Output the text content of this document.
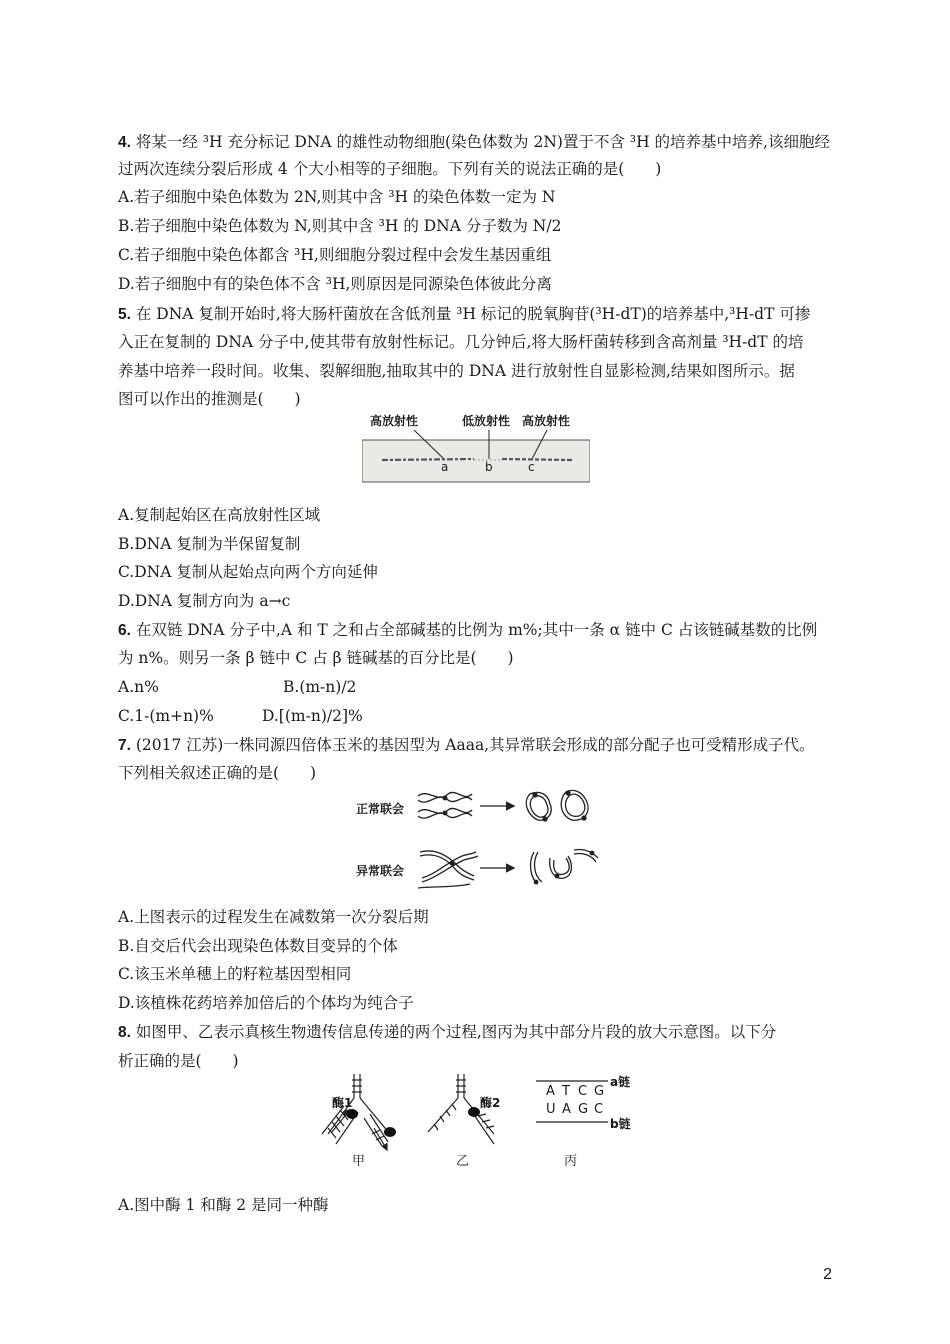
4. 将某一经 ³H 充分标记 DNA 的雄性动物细胞(染色体数为 2N)置于不含 ³H 的培养基中培养,该细胞经
过两次连续分裂后形成 4 个大小相等的子细胞。下列有关的说法正确的是(　　)
A.若子细胞中染色体数为 2N,则其中含 ³H 的染色体数一定为 N
B.若子细胞中染色体数为 N,则其中含 ³H 的 DNA 分子数为 N/2
C.若子细胞中染色体都含 ³H,则细胞分裂过程中会发生基因重组
D.若子细胞中有的染色体不含 ³H,则原因是同源染色体彼此分离
5. 在 DNA 复制开始时,将大肠杆菌放在含低剂量 ³H 标记的脱氧胸苷(³H-dT)的培养基中,³H-dT 可掺
入正在复制的 DNA 分子中,使其带有放射性标记。几分钟后,将大肠杆菌转移到含高剂量 ³H-dT 的培
养基中培养一段时间。收集、裂解细胞,抽取其中的 DNA 进行放射性自显影检测,结果如图所示。据
图可以作出的推测是(　　)
高放射性	低放射性 高放射性
a	b	c
A.复制起始区在高放射性区域
B.DNA 复制为半保留复制
C.DNA 复制从起始点向两个方向延伸
D.DNA 复制方向为 a→c
6. 在双链 DNA 分子中,A 和 T 之和占全部碱基的比例为 m%;其中一条 α 链中 C 占该链碱基数的比例
为 n%。则另一条 β 链中 C 占 β 链碱基的百分比是(　　)
A.n%	B.(m-n)/2
C.1-(m+n)%	D.[(m-n)/2]%
7. (2017 江苏)一株同源四倍体玉米的基因型为 Aaaa,其异常联会形成的部分配子也可受精形成子代。
下列相关叙述正确的是(　　)
正常联会
异常联会
A.上图表示的过程发生在减数第一次分裂后期
B.自交后代会出现染色体数目变异的个体
C.该玉米单穗上的籽粒基因型相同
D.该植株花药培养加倍后的个体均为纯合子
8. 如图甲、乙表示真核生物遗传信息传递的两个过程,图丙为其中部分片段的放大示意图。以下分
析正确的是(　　)
酶1	酶2
a链
b链
A T C G
U A G C
甲	乙	丙
A.图中酶 1 和酶 2 是同一种酶
2
